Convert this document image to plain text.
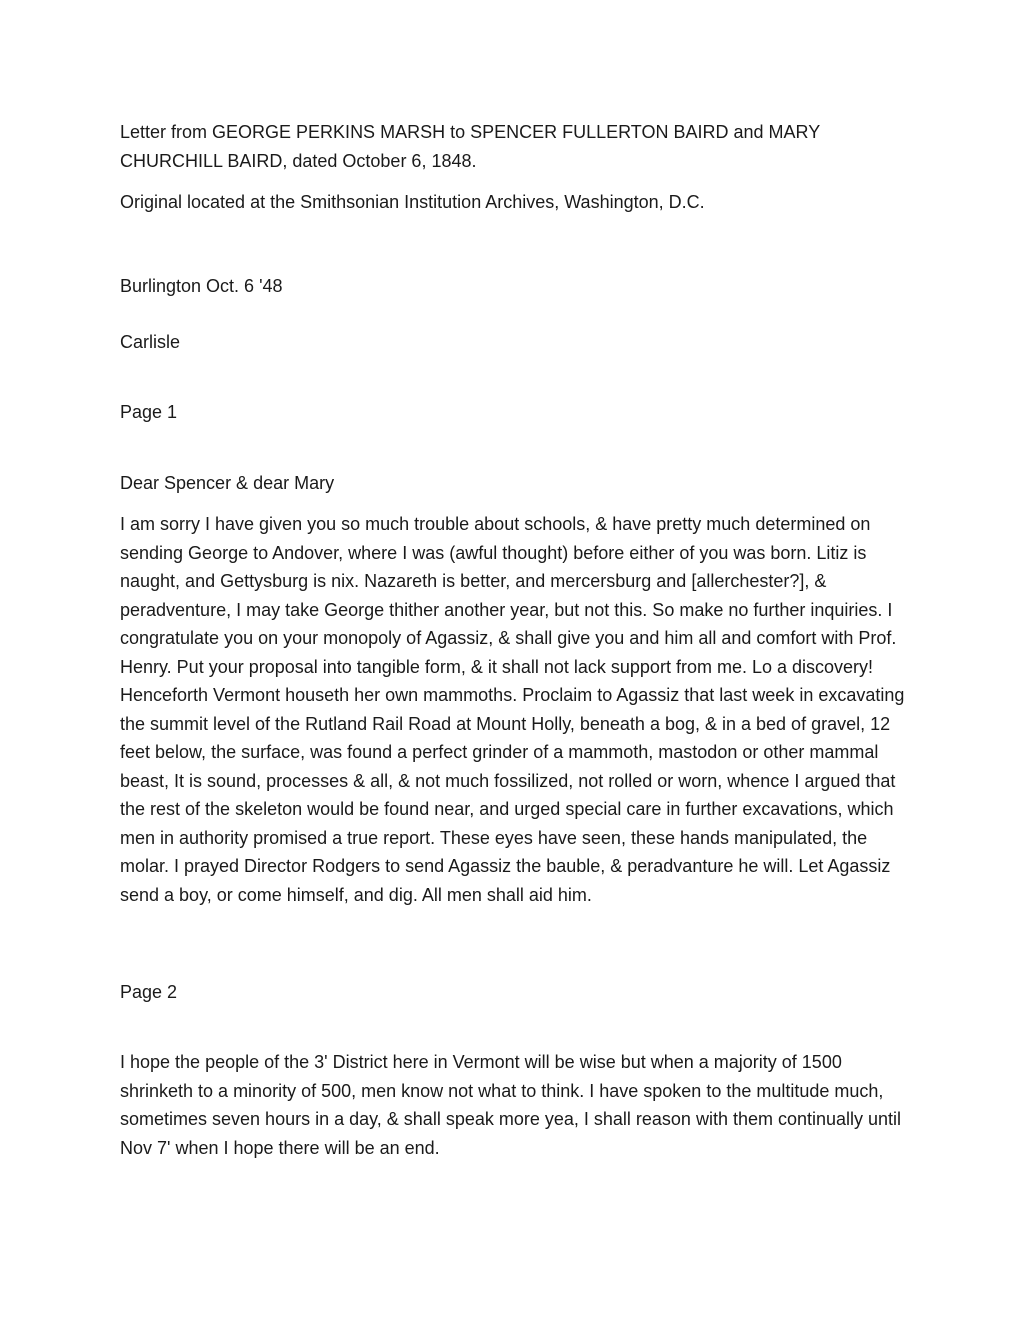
Letter from GEORGE PERKINS MARSH to SPENCER FULLERTON BAIRD and MARY CHURCHILL BAIRD, dated October 6, 1848.

Original located at the Smithsonian Institution Archives, Washington, D.C.

Burlington Oct. 6 '48

Carlisle

Page 1

Dear Spencer & dear Mary

I am sorry I have given you so much trouble about schools, & have pretty much determined on sending George to Andover, where I was (awful thought) before either of you was born. Litiz is naught, and Gettysburg is nix. Nazareth is better, and mercersburg and [allerchester?], & peradventure, I may take George thither another year, but not this. So make no further inquiries. I congratulate you on your monopoly of Agassiz, & shall give you and him all and comfort with Prof. Henry. Put your proposal into tangible form, & it shall not lack support from me. Lo a discovery! Henceforth Vermont houseth her own mammoths. Proclaim to Agassiz that last week in excavating the summit level of the Rutland Rail Road at Mount Holly, beneath a bog, & in a bed of gravel, 12 feet below, the surface, was found a perfect grinder of a mammoth, mastodon or other mammal beast, It is sound, processes & all, & not much fossilized, not rolled or worn, whence I argued that the rest of the skeleton would be found near, and urged special care in further excavations, which men in authority promised a true report. These eyes have seen, these hands manipulated, the molar. I prayed Director Rodgers to send Agassiz the bauble, & peradvanture he will. Let Agassiz send a boy, or come himself, and dig. All men shall aid him.

Page 2

I hope the people of the 3' District here in Vermont will be wise but when a majority of 1500 shrinketh to a minority of 500, men know not what to think. I have spoken to the multitude much, sometimes seven hours in a day, & shall speak more yea, I shall reason with them continually until Nov 7' when I hope there will be an end.
